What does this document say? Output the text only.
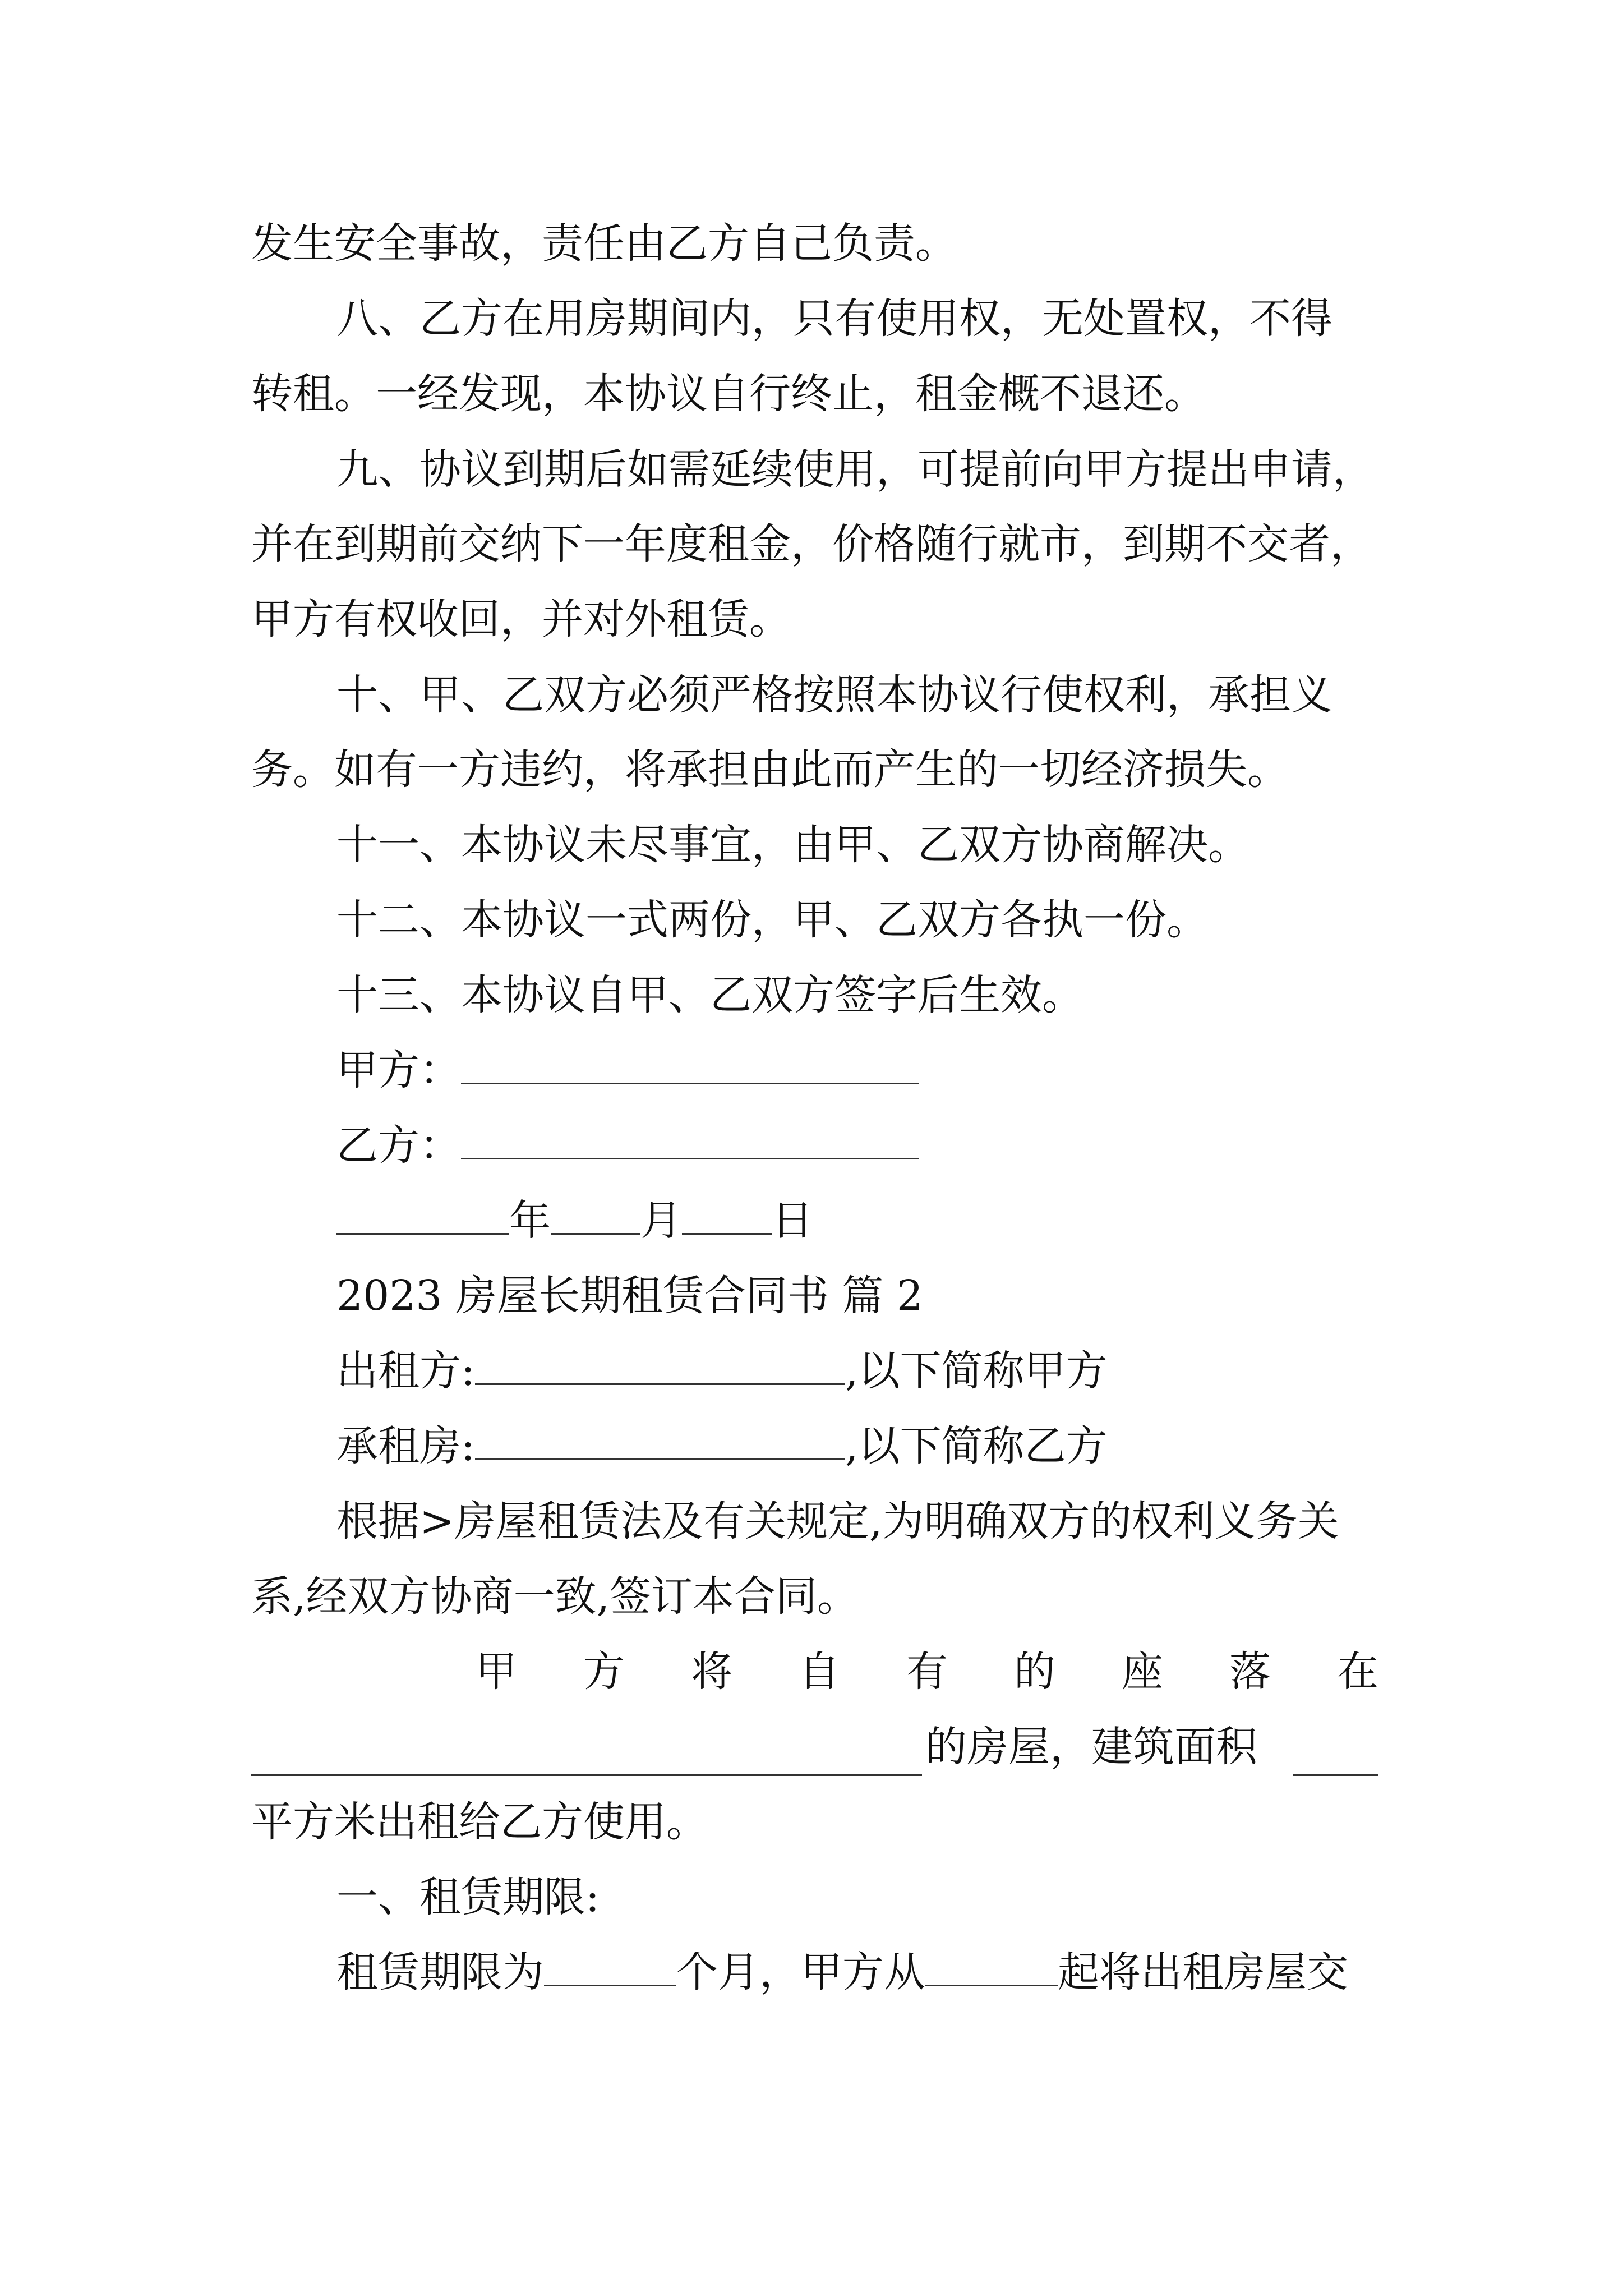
发生安全事故，责任由乙方自己负责。
八、乙方在用房期间内，只有使用权，无处置权，不得
转租。一经发现，本协议自行终止，租金概不退还。
九、协议到期后如需延续使用，可提前向甲方提出申请，
并在到期前交纳下一年度租金，价格随行就市，到期不交者，
甲方有权收回，并对外租赁。
十、甲、乙双方必须严格按照本协议行使权利，承担义
务。如有一方违约，将承担由此而产生的一切经济损失。
十一、本协议未尽事宜，由甲、乙双方协商解决。
十二、本协议一式两份，甲、乙双方各执一份。
十三、本协议自甲、乙双方签字后生效。
甲方：
乙方：
年 月 日
2023 房屋长期租赁合同书 篇 2
出租方:	,以下简称甲方
承租房:	,以下简称乙方
根据>房屋租赁法及有关规定,为明确双方的权利义务关
系,经双方协商一致,签订本合同。
甲 方 将 自 有 的 座 落 在
的房屋，建筑面积
平方米出租给乙方使用。
一、租赁期限:
租赁期限为	个月，甲方从	起将出租房屋交
